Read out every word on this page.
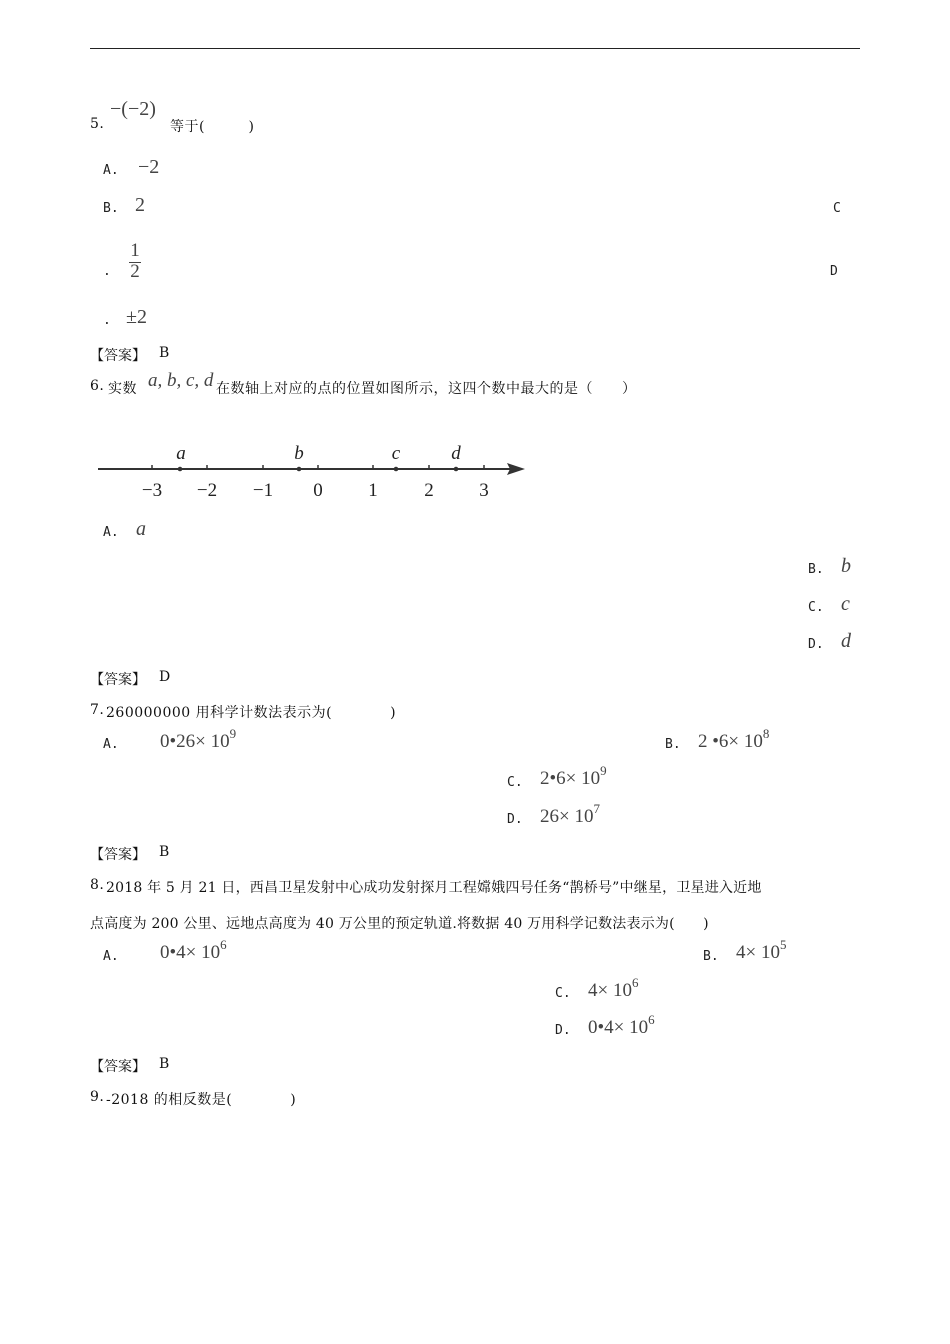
5.
−(−2)
等于(　　　)
A. −2
B. 2	C
.
1
2	D
. ±2
【答案】 B
6. 实数 a, b, c, d 在数轴上对应的点的位置如图所示，这四个数中最大的是（　　）
a	b	c	d
−3 −2 −1 0 1 2 3
A. a
B. b
C. c
D. d
【答案】 D
7. 260000000 用科学计数法表示为(　　　　)
A. 0•26× $10^9$
B. 2 •6× $10^8$
C. 2•6× $10^9$
D. $26\times 10^7$
【答案】 B
8. 2018 年 5 月 21 日，西昌卫星发射中心成功发射探月工程嫦娥四号任务“鹊桥号”中继星，卫星进入近地
点高度为 200 公里、远地点高度为 40 万公里的预定轨道.将数据 40 万用科学记数法表示为(　　)
A. 0•4× $10^6$
B. $4\times 10^5$
C. $4\times 10^6$
D. 0•4× $10^6$
【答案】 B
9. -2018 的相反数是(　　　　)
